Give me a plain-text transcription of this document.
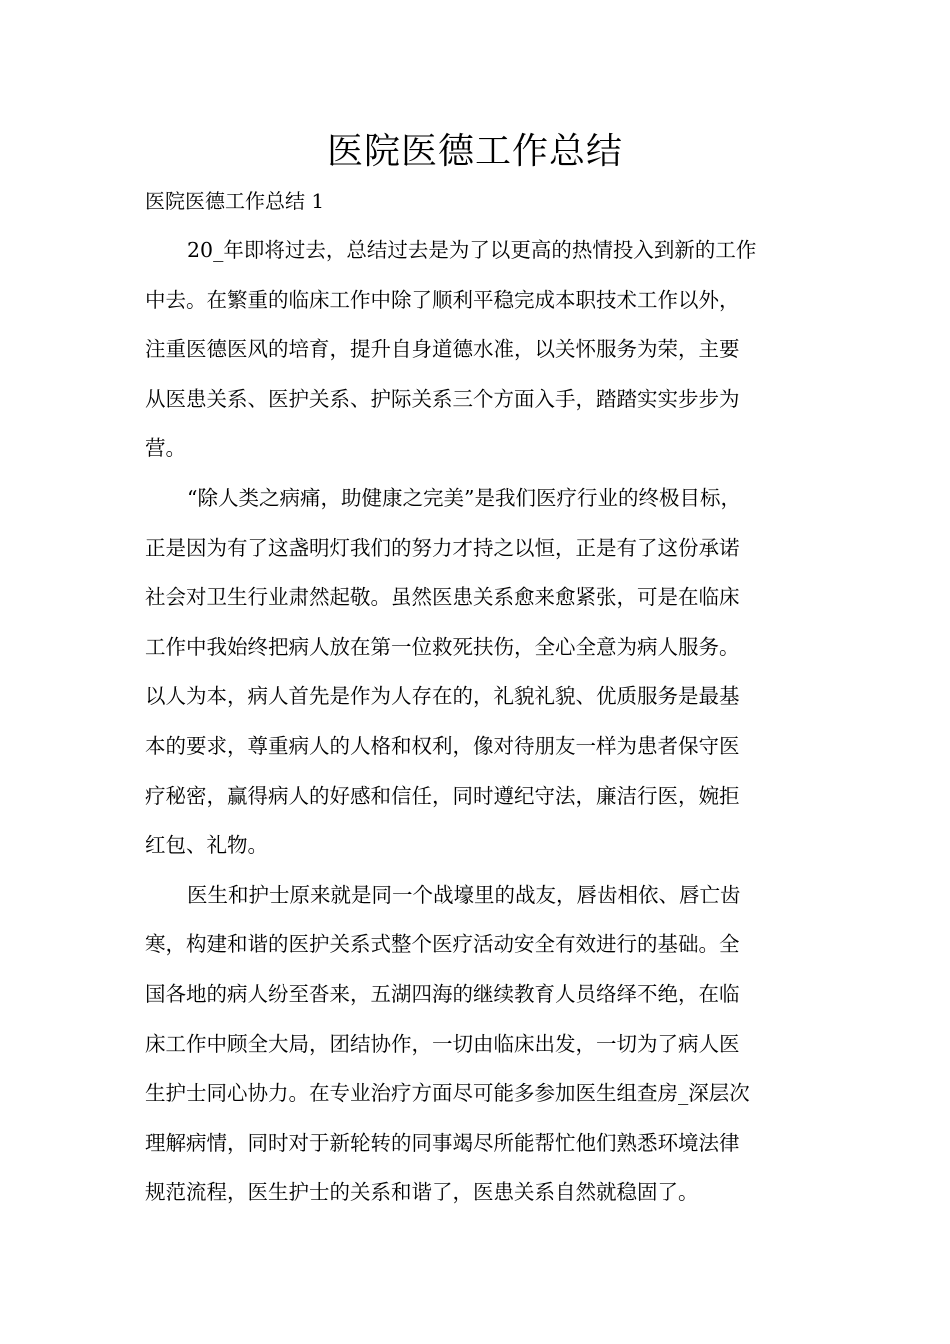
医院医德工作总结
医院医德工作总结 1
20_年即将过去，总结过去是为了以更高的热情投入到新的工作
中去。在繁重的临床工作中除了顺利平稳完成本职技术工作以外，
注重医德医风的培育，提升自身道德水准，以关怀服务为荣，主要
从医患关系、医护关系、护际关系三个方面入手，踏踏实实步步为
营。
“除人类之病痛，助健康之完美”是我们医疗行业的终极目标，
正是因为有了这盏明灯我们的努力才持之以恒，正是有了这份承诺
社会对卫生行业肃然起敬。虽然医患关系愈来愈紧张，可是在临床
工作中我始终把病人放在第一位救死扶伤，全心全意为病人服务。
以人为本，病人首先是作为人存在的，礼貌礼貌、优质服务是最基
本的要求，尊重病人的人格和权利，像对待朋友一样为患者保守医
疗秘密，赢得病人的好感和信任，同时遵纪守法，廉洁行医，婉拒
红包、礼物。
医生和护士原来就是同一个战壕里的战友，唇齿相依、唇亡齿
寒，构建和谐的医护关系式整个医疗活动安全有效进行的基础。全
国各地的病人纷至沓来，五湖四海的继续教育人员络绎不绝，在临
床工作中顾全大局，团结协作，一切由临床出发，一切为了病人医
生护士同心协力。在专业治疗方面尽可能多参加医生组查房_深层次
理解病情，同时对于新轮转的同事竭尽所能帮忙他们熟悉环境法律
规范流程，医生护士的关系和谐了，医患关系自然就稳固了。
